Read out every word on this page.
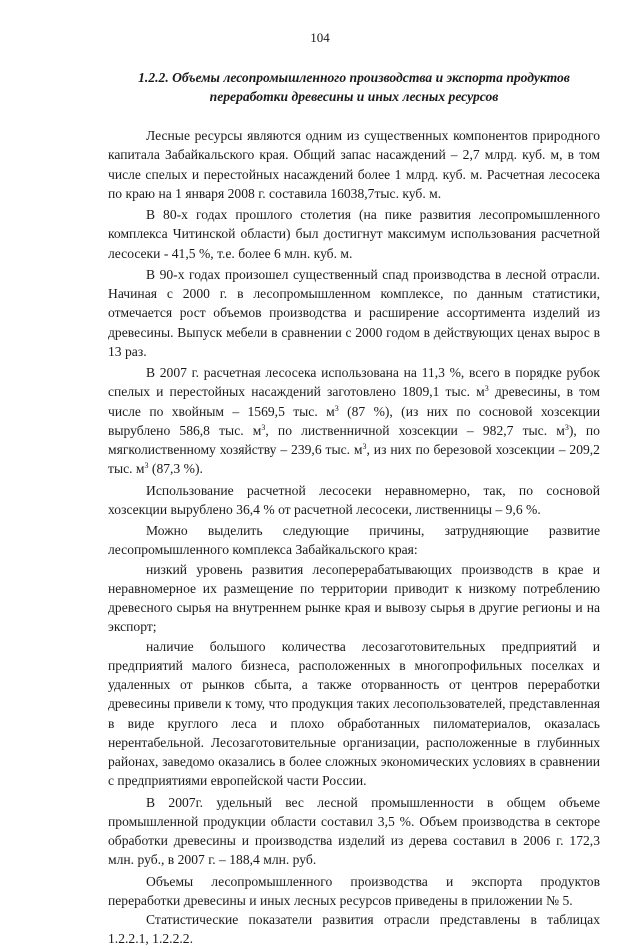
104
1.2.2. Объемы лесопромышленного производства и экспорта продуктов
переработки древесины и иных лесных ресурсов

Лесные ресурсы являются одним из существенных компонентов природного капитала Забайкальского края. Общий запас насаждений – 2,7 млрд. куб. м, в том числе спелых и перестойных насаждений более 1 млрд. куб. м. Расчетная лесосека по краю на 1 января 2008 г. составила 16038,7тыс. куб. м.

В 80-х годах прошлого столетия (на пике развития лесопромышленного комплекса Читинской области) был достигнут максимум использования расчетной лесосеки - 41,5 %, т.е. более 6 млн. куб. м.

В 90-х годах произошел существенный спад производства в лесной отрасли. Начиная с 2000 г. в лесопромышленном комплексе, по данным статистики, отмечается рост объемов производства и расширение ассортимента изделий из древесины. Выпуск мебели в сравнении с 2000 годом в действующих ценах вырос в 13 раз.

В 2007 г. расчетная лесосека использована на 11,3 %, всего в порядке рубок спелых и перестойных насаждений заготовлено 1809,1 тыс. $м^3$ древесины, в том числе по хвойным – 1569,5 тыс. $м^3$ (87 %), (из них по сосновой хозсекции вырублено 586,8 тыс. $м^3$, по лиственничной хозсекции – 982,7 тыс. $м^3$), по мягколиственному хозяйству – 239,6 тыс. $м^3$, из них по березовой хозсекции – 209,2 тыс. $м^3$ (87,3 %).

Использование расчетной лесосеки неравномерно, так, по сосновой хозсекции вырублено 36,4 % от расчетной лесосеки, лиственницы – 9,6 %.

Можно выделить следующие причины, затрудняющие развитие лесопромышленного комплекса Забайкальского края:

низкий уровень развития лесоперерабатывающих производств в крае и неравномерное их размещение по территории приводит к низкому потреблению древесного сырья на внутреннем рынке края и вывозу сырья в другие регионы и на экспорт;

наличие большого количества лесозаготовительных предприятий и предприятий малого бизнеса, расположенных в многопрофильных поселках и удаленных от рынков сбыта, а также оторванность от центров переработки древесины привели к тому, что продукция таких лесопользователей, представленная в виде круглого леса и плохо обработанных пиломатериалов, оказалась нерентабельной. Лесозаготовительные организации, расположенные в глубинных районах, заведомо оказались в более сложных экономических условиях в сравнении с предприятиями европейской части России.

В 2007г. удельный вес лесной промышленности в общем объеме промышленной продукции области составил 3,5 %. Объем производства в секторе обработки древесины и производства изделий из дерева составил в 2006 г. 172,3 млн. руб., в 2007 г. – 188,4 млн. руб.

Объемы лесопромышленного производства и экспорта продуктов переработки древесины и иных лесных ресурсов приведены в приложении № 5.

Статистические показатели развития отрасли представлены в таблицах 1.2.2.1, 1.2.2.2.
